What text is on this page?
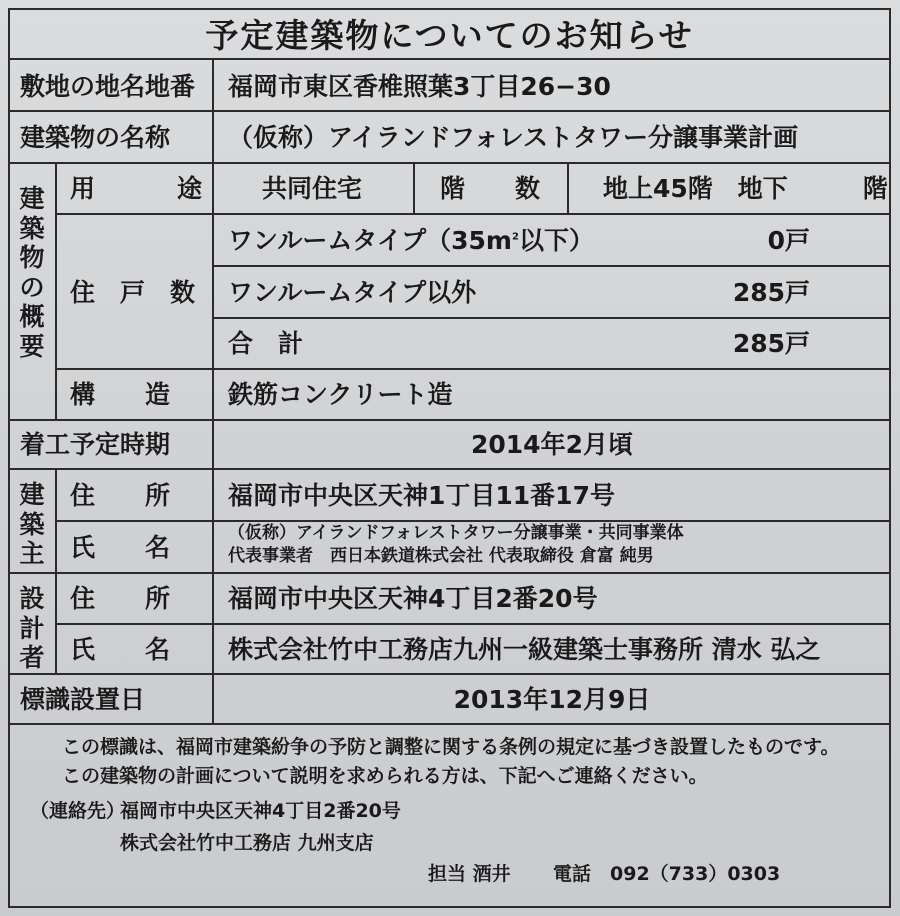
予定建築物についてのお知らせ
敷地の地名地番 福岡市東区香椎照葉3丁目26−30
建築物の名称 （仮称）アイランドフォレストタワー分譲事業計画
建
築
物
の
概
要
用　　途 共同住宅	階　　数	地上45階　地下　　　階
住　戸　数
ワンルームタイプ（$35m^2$以下）	0戸
ワンルームタイプ以外	285戸
合　計	285戸
構　　造 鉄筋コンクリート造
着工予定時期	2014年2月頃
建
築
主
住　　所 福岡市中央区天神1丁目11番17号
氏　　名	（仮称）アイランドフォレストタワー分譲事業・共同事業体
代表事業者　西日本鉄道株式会社 代表取締役 倉富 純男
設
計
者
住　　所 福岡市中央区天神4丁目2番20号
氏　　名 株式会社竹中工務店九州一級建築士事務所 清水 弘之
標識設置日	2013年12月9日
この標識は、福岡市建築紛争の予防と調整に関する条例の規定に基づき設置したものです。
この建築物の計画について説明を求められる方は、下記へご連絡ください。
（連絡先）
福岡市中央区天神4丁目2番20号
株式会社竹中工務店 九州支店
担当 酒井 電話 092（733）0303
